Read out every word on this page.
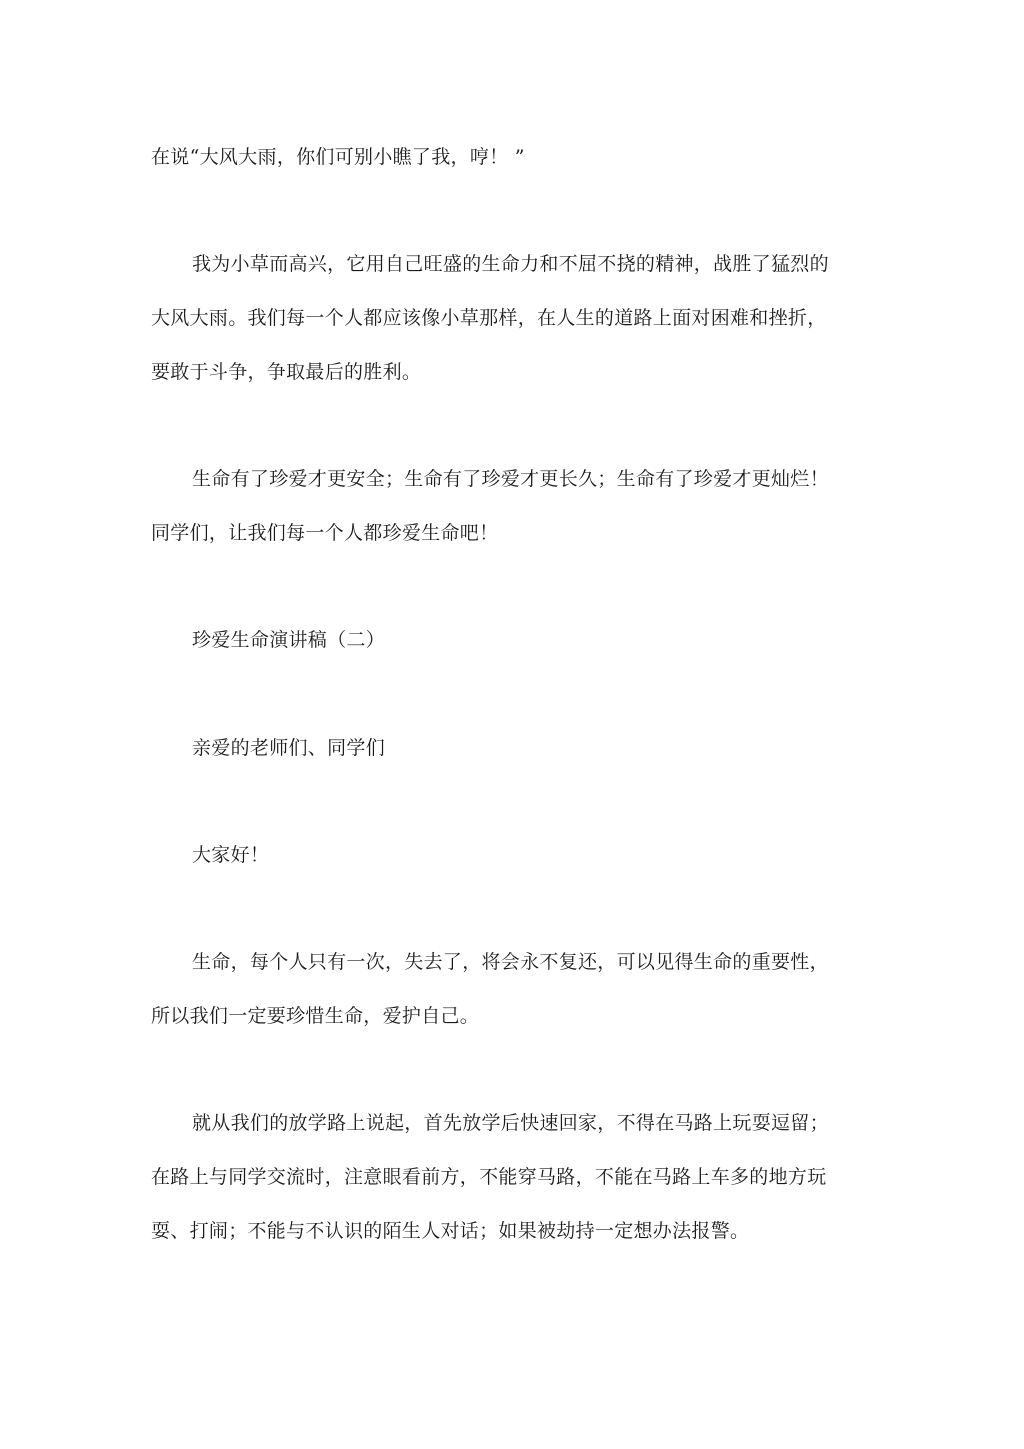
在说“大风大雨，你们可别小瞧了我，哼！ ”
我为小草而高兴，它用自己旺盛的生命力和不屈不挠的精神，战胜了猛烈的
大风大雨。我们每一个人都应该像小草那样，在人生的道路上面对困难和挫折，
要敢于斗争，争取最后的胜利。
生命有了珍爱才更安全；生命有了珍爱才更长久；生命有了珍爱才更灿烂！
同学们，让我们每一个人都珍爱生命吧！
珍爱生命演讲稿（二）
亲爱的老师们、同学们
大家好！
生命，每个人只有一次，失去了，将会永不复还，可以见得生命的重要性，
所以我们一定要珍惜生命，爱护自己。
就从我们的放学路上说起，首先放学后快速回家，不得在马路上玩耍逗留；
在路上与同学交流时，注意眼看前方，不能穿马路，不能在马路上车多的地方玩
耍、打闹；不能与不认识的陌生人对话；如果被劫持一定想办法报警。
